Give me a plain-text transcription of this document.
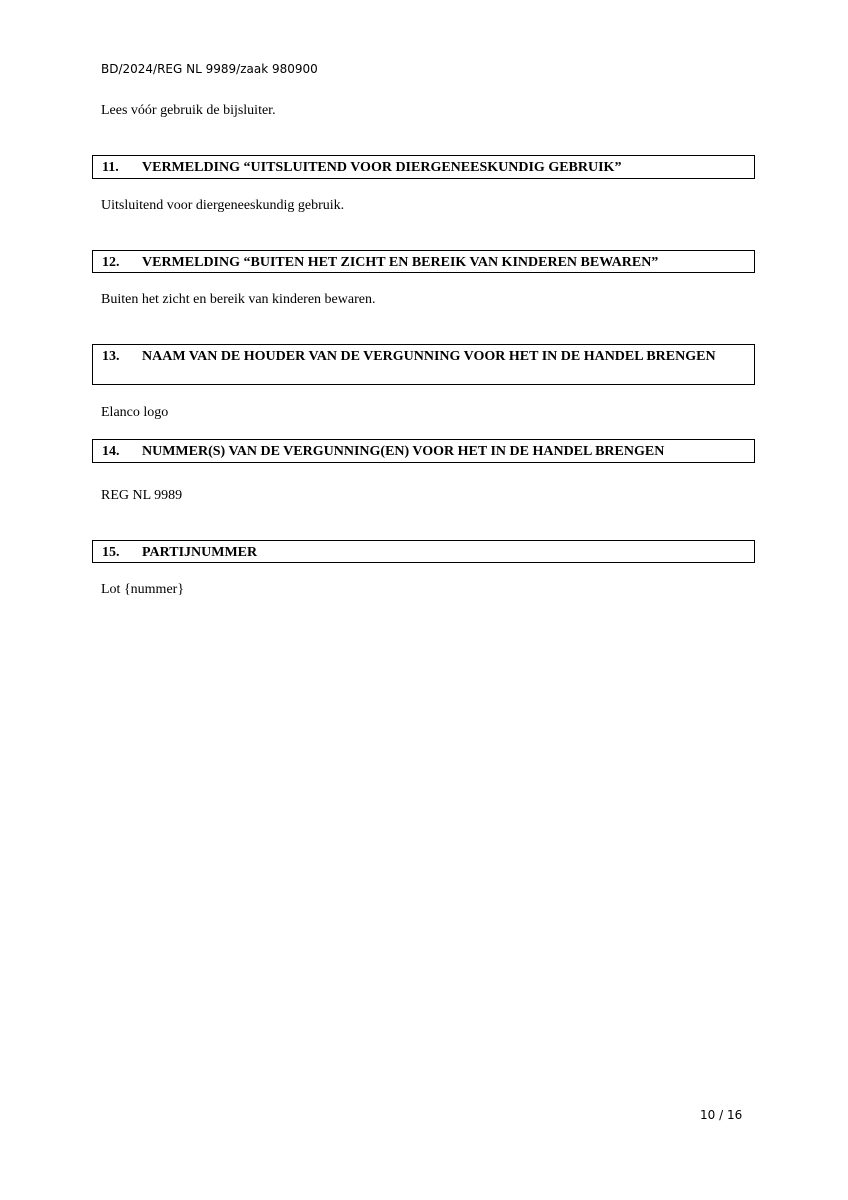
BD/2024/REG NL 9989/zaak 980900
Lees vóór gebruik de bijsluiter.
11. VERMELDING “UITSLUITEND VOOR DIERGENEESKUNDIG GEBRUIK”
Uitsluitend voor diergeneeskundig gebruik.
12. VERMELDING “BUITEN HET ZICHT EN BEREIK VAN KINDEREN BEWAREN”
Buiten het zicht en bereik van kinderen bewaren.
13. NAAM VAN DE HOUDER VAN DE VERGUNNING VOOR HET IN DE HANDEL BRENGEN
Elanco logo
14. NUMMER(S) VAN DE VERGUNNING(EN) VOOR HET IN DE HANDEL BRENGEN
REG NL 9989
15. PARTIJNUMMER
Lot {nummer}
10 / 16
